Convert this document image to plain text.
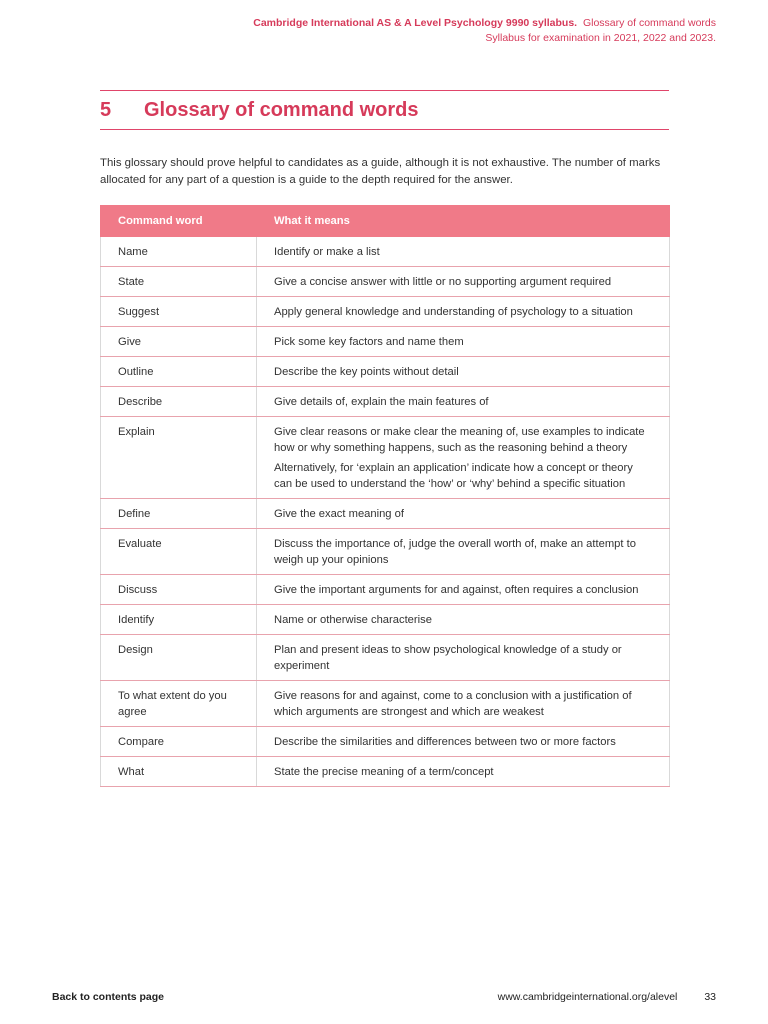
Cambridge International AS & A Level Psychology 9990 syllabus. Glossary of command words
Syllabus for examination in 2021, 2022 and 2023.
5	Glossary of command words
This glossary should prove helpful to candidates as a guide, although it is not exhaustive. The number of marks allocated for any part of a question is a guide to the depth required for the answer.
Command word	What it means
Name	Identify or make a list

State	Give a concise answer with little or no supporting argument required

Suggest	Apply general knowledge and understanding of psychology to a situation

Give	Pick some key factors and name them

Outline	Describe the key points without detail

Describe	Give details of, explain the main features of

Explain	Give clear reasons or make clear the meaning of, use examples to indicate how or why something happens, such as the reasoning behind a theory
Alternatively, for ‘explain an application’ indicate how a concept or theory can be used to understand the ‘how’ or ‘why’ behind a specific situation

Define	Give the exact meaning of

Evaluate	Discuss the importance of, judge the overall worth of, make an attempt to weigh up your opinions

Discuss	Give the important arguments for and against, often requires a conclusion

Identify	Name or otherwise characterise

Design	Plan and present ideas to show psychological knowledge of a study or experiment

To what extent do you agree	Give reasons for and against, come to a conclusion with a justification of which arguments are strongest and which are weakest

Compare	Describe the similarities and differences between two or more factors

What	State the precise meaning of a term/concept
Back to contents page	www.cambridgeinternational.org/alevel	33
